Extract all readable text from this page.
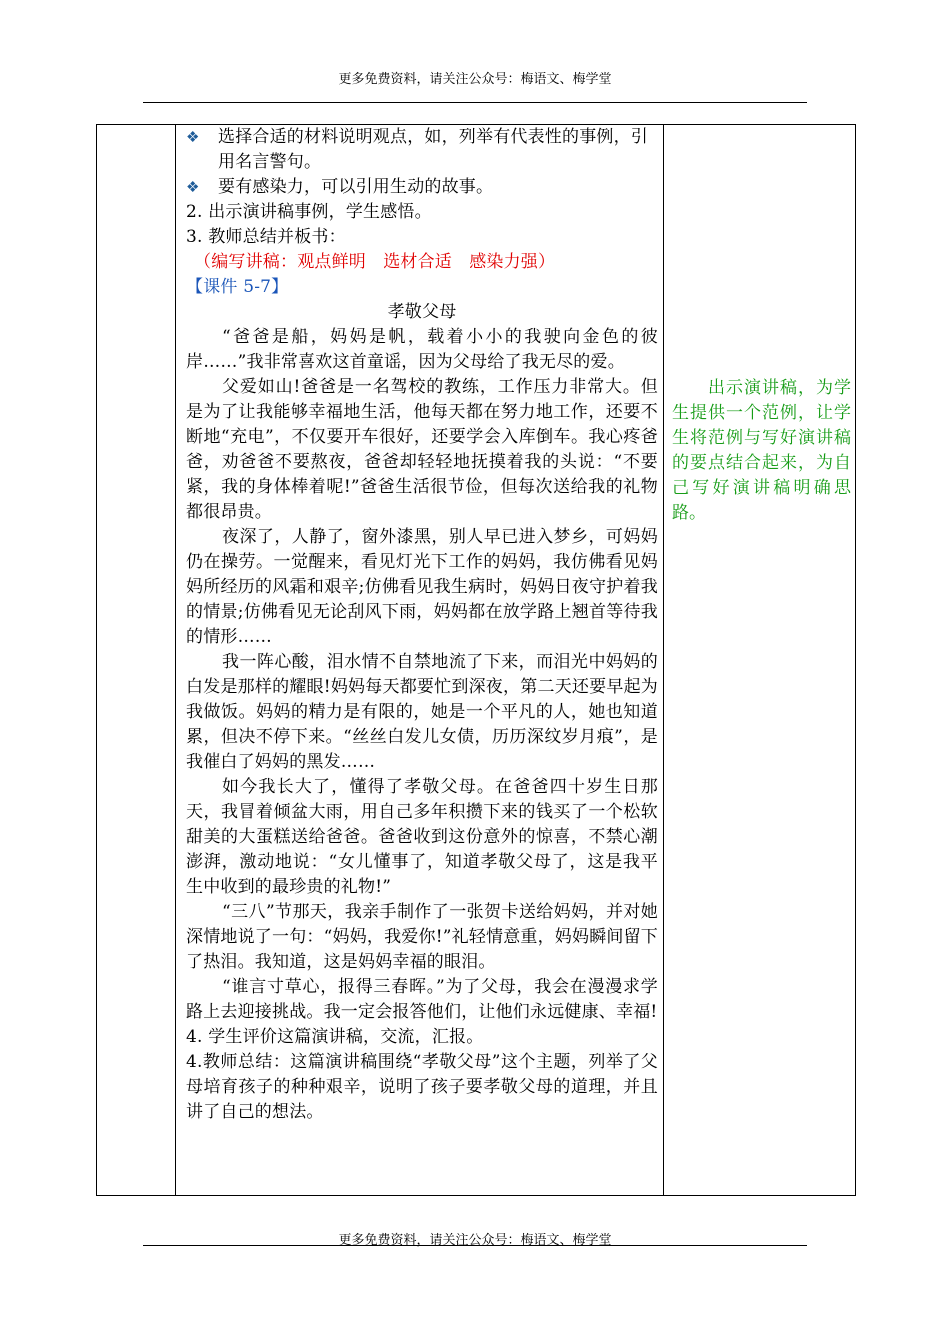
更多免费资料，请关注公众号：梅语文、梅学堂

❖	选择合适的材料说明观点，如，列举有代表性的事例，引用名言警句。
❖	要有感染力，可以引用生动的故事。

2. 出示演讲稿事例，学生感悟。

3. 教师总结并板书：

（编写讲稿：观点鲜明　选材合适　感染力强）

【课件 5-7】

孝敬父母

“爸爸是船，妈妈是帆，载着小小的我驶向金色的彼岸……”我非常喜欢这首童谣，因为父母给了我无尽的爱。

父爱如山!爸爸是一名驾校的教练，工作压力非常大。但是为了让我能够幸福地生活，他每天都在努力地工作，还要不断地“充电”，不仅要开车很好，还要学会入库倒车。我心疼爸爸，劝爸爸不要熬夜，爸爸却轻轻地抚摸着我的头说：“不要紧，我的身体棒着呢!”爸爸生活很节俭，但每次送给我的礼物都很昂贵。

夜深了，人静了，窗外漆黑，别人早已进入梦乡，可妈妈仍在操劳。一觉醒来，看见灯光下工作的妈妈，我仿佛看见妈妈所经历的风霜和艰辛;仿佛看见我生病时，妈妈日夜守护着我的情景;仿佛看见无论刮风下雨，妈妈都在放学路上翘首等待我的情形……

我一阵心酸，泪水情不自禁地流了下来，而泪光中妈妈的白发是那样的耀眼!妈妈每天都要忙到深夜，第二天还要早起为我做饭。妈妈的精力是有限的，她是一个平凡的人，她也知道累，但决不停下来。“丝丝白发儿女债，历历深纹岁月痕”，是我催白了妈妈的黑发……

如今我长大了，懂得了孝敬父母。在爸爸四十岁生日那天，我冒着倾盆大雨，用自己多年积攒下来的钱买了一个松软甜美的大蛋糕送给爸爸。爸爸收到这份意外的惊喜，不禁心潮澎湃，激动地说：“女儿懂事了，知道孝敬父母了，这是我平生中收到的最珍贵的礼物!”

“三八”节那天，我亲手制作了一张贺卡送给妈妈，并对她深情地说了一句：“妈妈，我爱你!”礼轻情意重，妈妈瞬间留下了热泪。我知道，这是妈妈幸福的眼泪。

“谁言寸草心，报得三春晖。”为了父母，我会在漫漫求学路上去迎接挑战。我一定会报答他们，让他们永远健康、幸福!

4. 学生评价这篇演讲稿，交流，汇报。

4.教师总结：这篇演讲稿围绕“孝敬父母”这个主题，列举了父母培育孩子的种种艰辛，说明了孩子要孝敬父母的道理，并且讲了自己的想法。

出示演讲稿，为学生提供一个范例，让学生将范例与写好演讲稿的要点结合起来，为自己写好演讲稿明确思路。

更多免费资料，请关注公众号：梅语文、梅学堂
